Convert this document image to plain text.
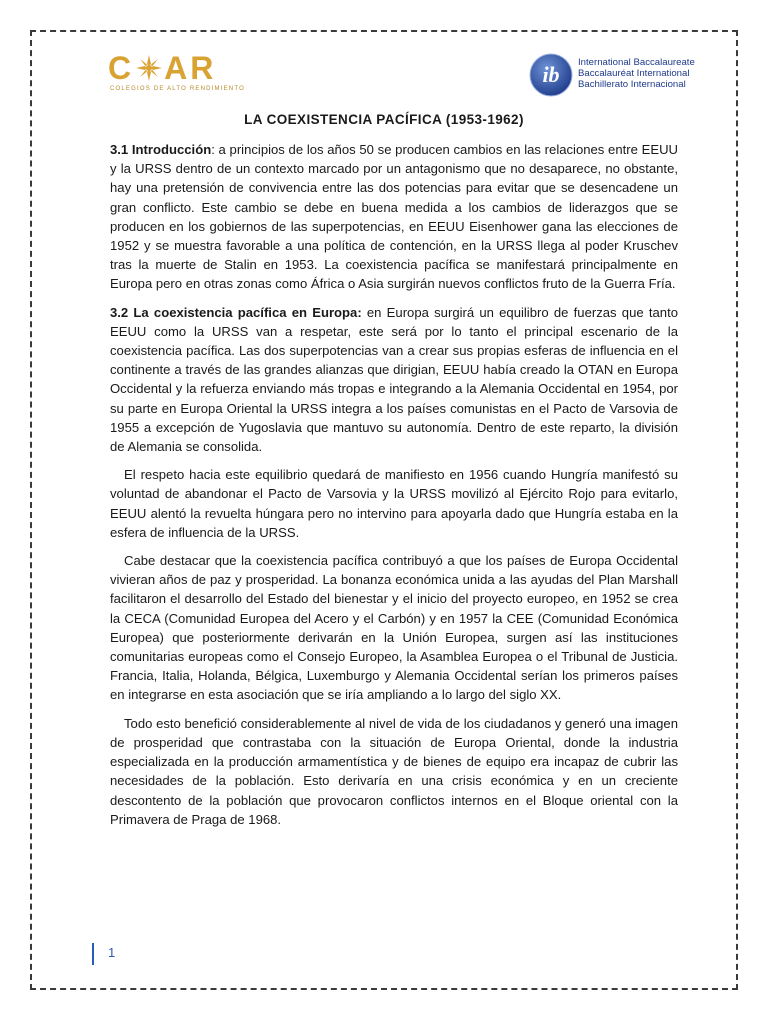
C AR
COLEGIOS DE ALTO RENDIMIENTO
ib International Baccalaureate
Baccalauréat International
Bachillerato Internacional
LA COEXISTENCIA PACÍFICA (1953-1962)

3.1 Introducción: a principios de los años 50 se producen cambios en las relaciones entre EEUU y la URSS dentro de un contexto marcado por un antagonismo que no desaparece, no obstante, hay una pretensión de convivencia entre las dos potencias para evitar que se desencadene un gran conflicto. Este cambio se debe en buena medida a los cambios de liderazgos que se producen en los gobiernos de las superpotencias, en EEUU Eisenhower gana las elecciones de 1952 y se muestra favorable a una política de contención, en la URSS llega al poder Kruschev tras la muerte de Stalin en 1953. La coexistencia pacífica se manifestará principalmente en Europa pero en otras zonas como África o Asia surgirán nuevos conflictos fruto de la Guerra Fría.

3.2 La coexistencia pacífica en Europa: en Europa surgirá un equilibro de fuerzas que tanto EEUU como la URSS van a respetar, este será por lo tanto el principal escenario de la coexistencia pacífica. Las dos superpotencias van a crear sus propias esferas de influencia en el continente a través de las grandes alianzas que dirigian, EEUU había creado la OTAN en Europa Occidental y la refuerza enviando más tropas e integrando a la Alemania Occidental en 1954, por su parte en Europa Oriental la URSS integra a los países comunistas en el Pacto de Varsovia de 1955 a excepción de Yugoslavia que mantuvo su autonomía. Dentro de este reparto, la división de Alemania se consolida.

El respeto hacia este equilibrio quedará de manifiesto en 1956 cuando Hungría manifestó su voluntad de abandonar el Pacto de Varsovia y la URSS movilizó al Ejército Rojo para evitarlo, EEUU alentó la revuelta húngara pero no intervino para apoyarla dado que Hungría estaba en la esfera de influencia de la URSS.

Cabe destacar que la coexistencia pacífica contribuyó a que los países de Europa Occidental vivieran años de paz y prosperidad. La bonanza económica unida a las ayudas del Plan Marshall facilitaron el desarrollo del Estado del bienestar y el inicio del proyecto europeo, en 1952 se crea la CECA (Comunidad Europea del Acero y el Carbón) y en 1957 la CEE (Comunidad Económica Europea) que posteriormente derivarán en la Unión Europea, surgen así las instituciones comunitarias europeas como el Consejo Europeo, la Asamblea Europea o el Tribunal de Justicia. Francia, Italia, Holanda, Bélgica, Luxemburgo y Alemania Occidental serían los primeros países en integrarse en esta asociación que se iría ampliando a lo largo del siglo XX.

Todo esto benefició considerablemente al nivel de vida de los ciudadanos y generó una imagen de prosperidad que contrastaba con la situación de Europa Oriental, donde la industria especializada en la producción armamentística y de bienes de equipo era incapaz de cubrir las necesidades de la población. Esto derivaría en una crisis económica y en un creciente descontento de la población que provocaron conflictos internos en el Bloque oriental con la Primavera de Praga de 1968.

1
